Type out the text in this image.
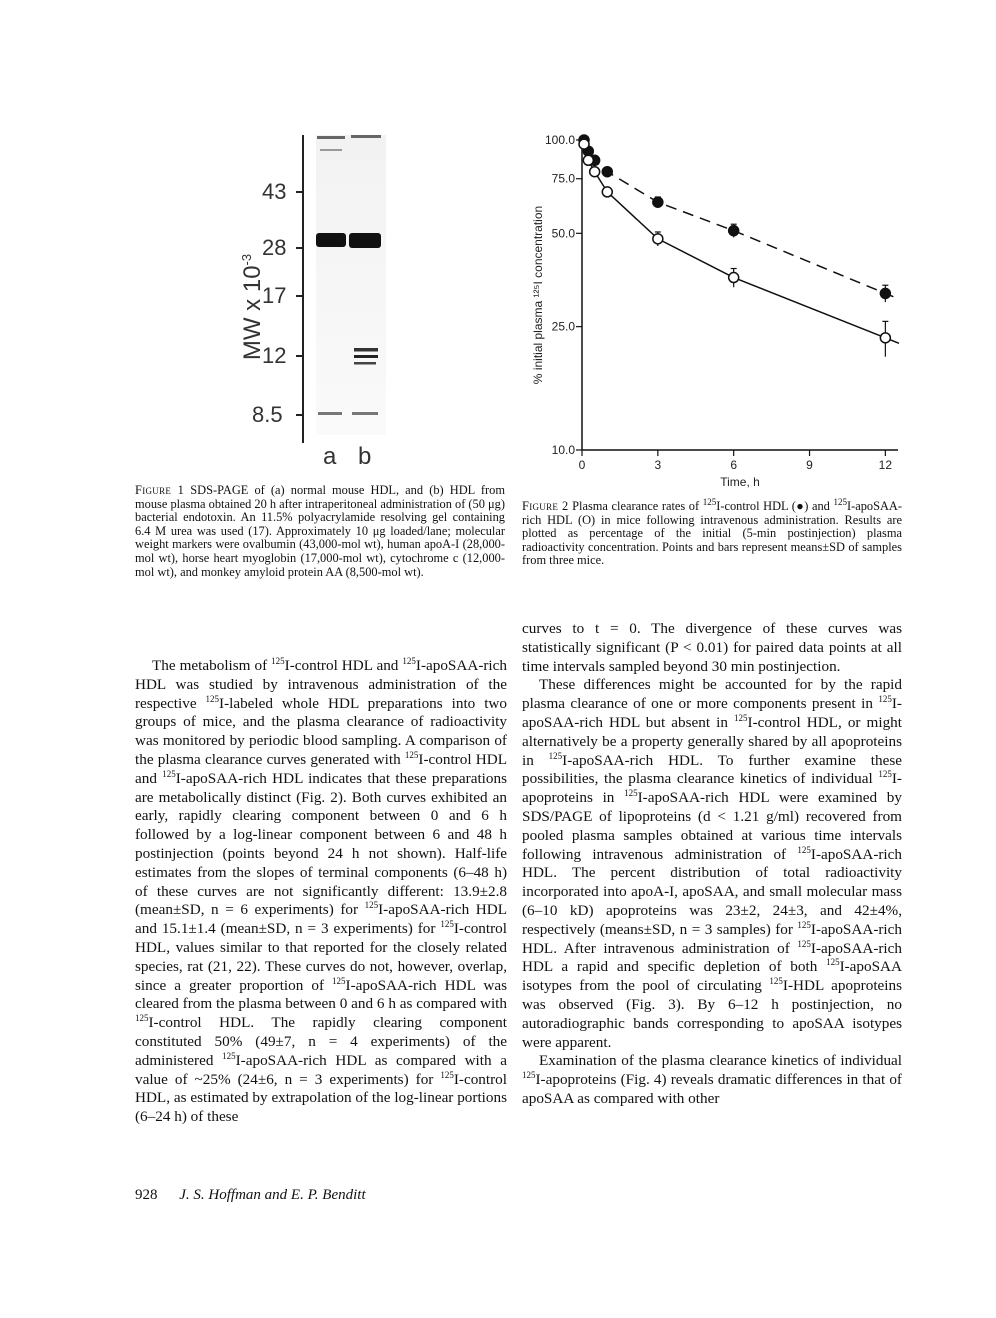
MW x $10^{-3}$
43
28
17
12
8.5
a b
Figure 1 SDS-PAGE of (a) normal mouse HDL, and (b) HDL from mouse plasma obtained 20 h after intraperitoneal administration of (50 μg) bacterial endotoxin. An 11.5% polyacrylamide resolving gel containing 6.4 M urea was used (17). Approximately 10 μg loaded/lane; molecular weight markers were ovalbumin (43,000-mol wt), human apoA-I (28,000-mol wt), horse heart myoglobin (17,000-mol wt), cytochrome c (12,000-mol wt), and monkey amyloid protein AA (8,500-mol wt).
100.0
75.0
50.0
25.0
10.0
0	3	6	9	12
Time, h
% initial plasma ¹²⁵I concentration
Figure 2 Plasma clearance rates of $^{125}$I-control HDL (●) and $^{125}$I-apoSAA-rich HDL (O) in mice following intravenous administration. Results are plotted as percentage of the initial (5-min postinjection) plasma radioactivity concentration. Points and bars represent means±SD of samples from three mice.

The metabolism of $^{125}$I-control HDL and $^{125}$I-apoSAA-rich HDL was studied by intravenous administration of the respective $^{125}$I-labeled whole HDL preparations into two groups of mice, and the plasma clearance of radioactivity was monitored by periodic blood sampling. A comparison of the plasma clearance curves generated with $^{125}$I-control HDL and $^{125}$I-apoSAA-rich HDL indicates that these preparations are metabolically distinct (Fig. 2). Both curves exhibited an early, rapidly clearing component between 0 and 6 h followed by a log-linear component between 6 and 48 h postinjection (points beyond 24 h not shown). Half-life estimates from the slopes of terminal components (6–48 h) of these curves are not significantly different: 13.9±2.8 (mean±SD, n = 6 experiments) for $^{125}$I-apoSAA-rich HDL and 15.1±1.4 (mean±SD, n = 3 experiments) for $^{125}$I-control HDL, values similar to that reported for the closely related species, rat (21, 22). These curves do not, however, overlap, since a greater proportion of $^{125}$I-apoSAA-rich HDL was cleared from the plasma between 0 and 6 h as compared with $^{125}$I-control HDL. The rapidly clearing component constituted 50% (49±7, n = 4 experiments) of the administered $^{125}$I-apoSAA-rich HDL as compared with a value of ~25% (24±6, n = 3 experiments) for $^{125}$I-control HDL, as estimated by extrapolation of the log-linear portions (6–24 h) of these

curves to t = 0. The divergence of these curves was statistically significant (P < 0.01) for paired data points at all time intervals sampled beyond 30 min postinjection.

These differences might be accounted for by the rapid plasma clearance of one or more components present in $^{125}$I-apoSAA-rich HDL but absent in $^{125}$I-control HDL, or might alternatively be a property generally shared by all apoproteins in $^{125}$I-apoSAA-rich HDL. To further examine these possibilities, the plasma clearance kinetics of individual $^{125}$I-apoproteins in $^{125}$I-apoSAA-rich HDL were examined by SDS/PAGE of lipoproteins (d < 1.21 g/ml) recovered from pooled plasma samples obtained at various time intervals following intravenous administration of $^{125}$I-apoSAA-rich HDL. The percent distribution of total radioactivity incorporated into apoA-I, apoSAA, and small molecular mass (6–10 kD) apoproteins was 23±2, 24±3, and 42±4%, respectively (means±SD, n = 3 samples) for $^{125}$I-apoSAA-rich HDL. After intravenous administration of $^{125}$I-apoSAA-rich HDL a rapid and specific depletion of both $^{125}$I-apoSAA isotypes from the pool of circulating $^{125}$I-HDL apoproteins was observed (Fig. 3). By 6–12 h postinjection, no autoradiographic bands corresponding to apoSAA isotypes were apparent.

Examination of the plasma clearance kinetics of individual $^{125}$I-apoproteins (Fig. 4) reveals dramatic differences in that of apoSAA as compared with other

928 J. S. Hoffman and E. P. Benditt
